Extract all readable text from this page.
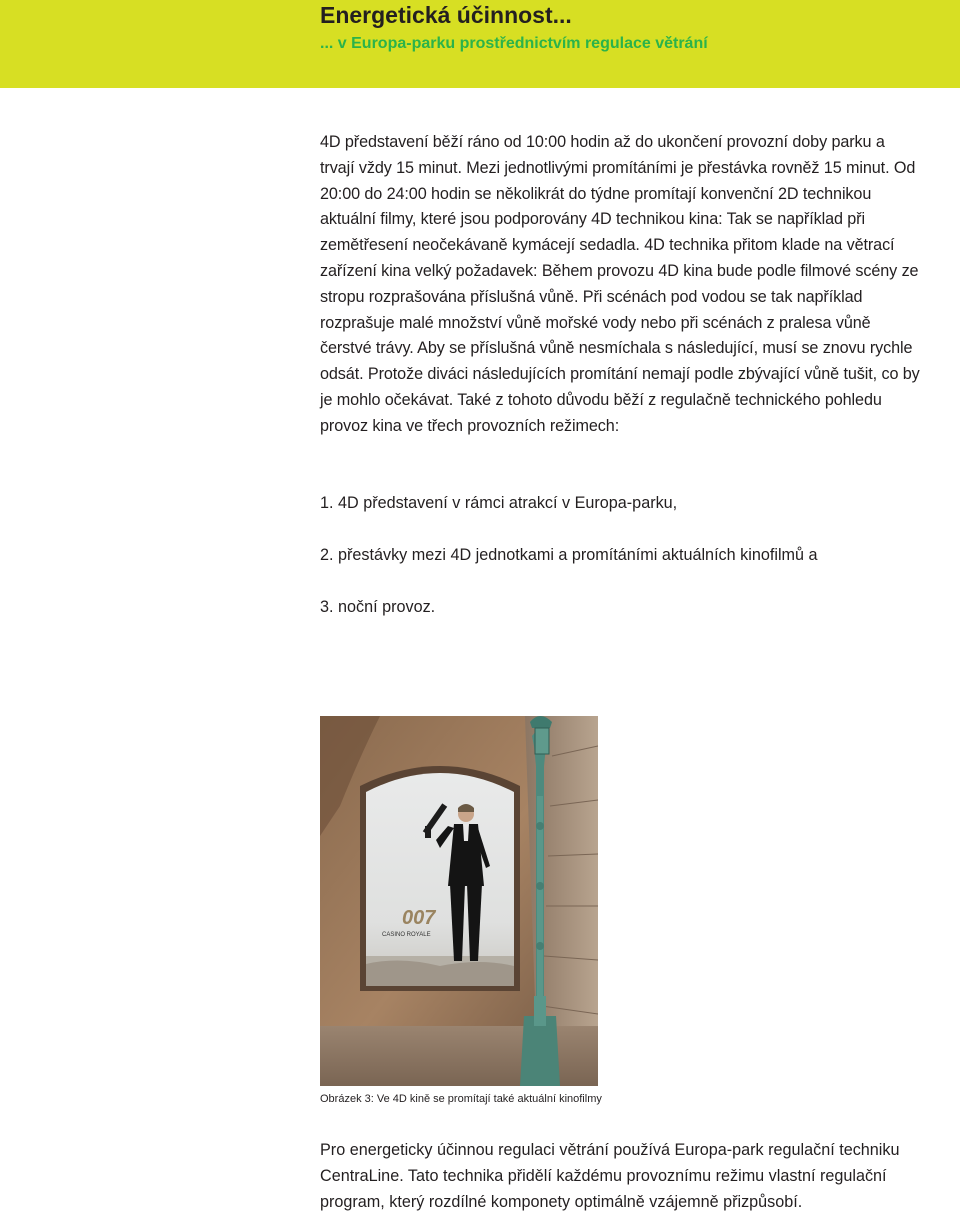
Energetická účinnost...
... v Europa-parku prostřednictvím regulace větrání

4D představení běží ráno od 10:00 hodin až do ukončení provozní doby parku a trvají vždy 15 minut. Mezi jednotlivými promítáními je přestávka rovněž 15 minut. Od 20:00 do 24:00 hodin se několikrát do týdne promítají konvenční 2D technikou aktuální filmy, které jsou podporovány 4D technikou kina: Tak se například při zemětřesení neočekávaně kymácejí sedadla. 4D technika přitom klade na větrací zařízení kina velký požadavek: Během provozu 4D kina bude podle filmové scény ze stropu rozprašována příslušná vůně. Při scénách pod vodou se tak například rozprašuje malé množství vůně mořské vody nebo při scénách z pralesa vůně čerstvé trávy. Aby se příslušná vůně nesmíchala s následující, musí se znovu rychle odsát. Protože diváci následujících promítání nemají podle zbývající vůně tušit, co by je mohlo očekávat. Také z tohoto důvodu běží z regulačně technického pohledu provoz kina ve třech provozních režimech:

1. 4D představení v rámci atrakcí v Europa-parku,
2. přestávky mezi 4D jednotkami a promítáními aktuálních kinofilmů a
3. noční provoz.
007
CASINO ROYALE
Obrázek 3: Ve 4D kině se promítají také aktuální kinofilmy
Pro energeticky účinnou regulaci větrání používá Europa-park regulační techniku CentraLine. Tato technika přidělí každému provoznímu režimu vlastní regulační program, který rozdílné komponety optimálně vzájemně přizpůsobí.
